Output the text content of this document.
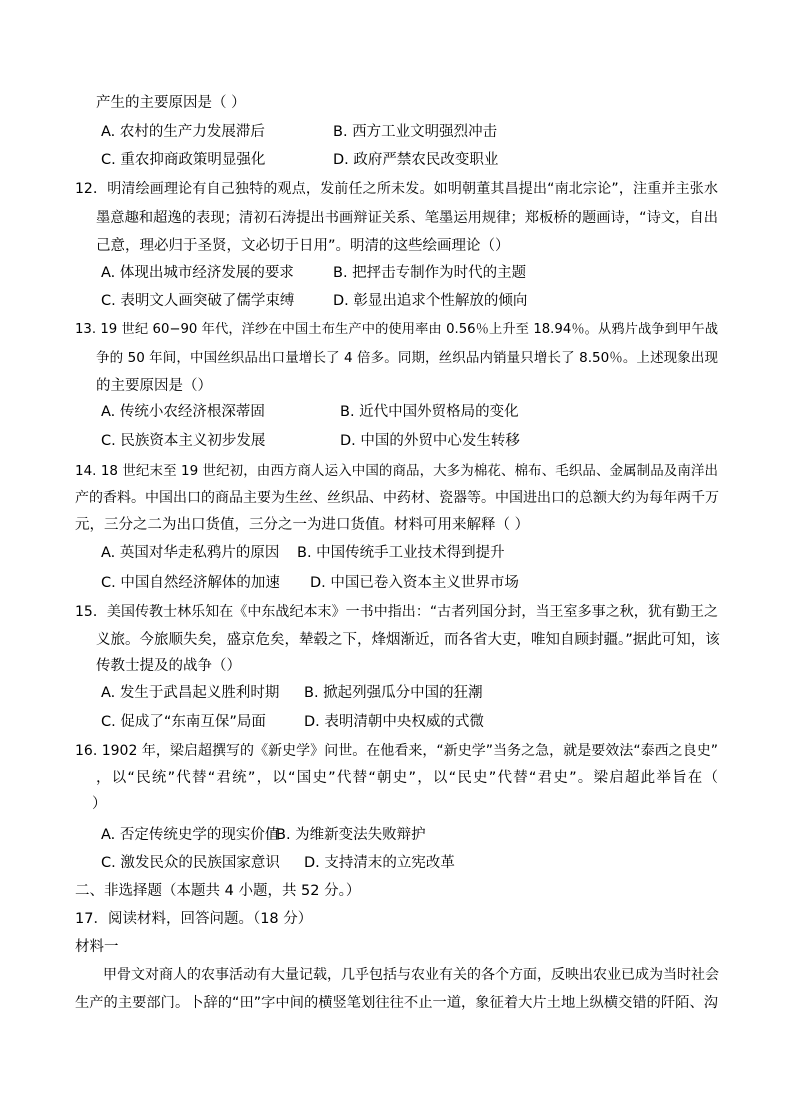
产生的主要原因是（ ）
A. 农村的生产力发展滞后	B. 西方工业文明强烈冲击
C. 重农抑商政策明显强化	D. 政府严禁农民改变职业
12．明清绘画理论有自己独特的观点，发前任之所未发。如明朝董其昌提出“南北宗论”，注重并主张水
墨意趣和超逸的表现；清初石涛提出书画辩证关系、笔墨运用规律；郑板桥的题画诗，“诗文，自出
己意，理必归于圣贤，文必切于日用”。明清的这些绘画理论（）
A. 体现出城市经济发展的要求	B. 把抨击专制作为时代的主题
C. 表明文人画突破了儒学束缚	D. 彰显出追求个性解放的倾向
13. 19 世纪 60−90 年代，洋纱在中国土布生产中的使用率由 0.56％上升至 18.94％。从鸦片战争到甲午战
争的 50 年间，中国丝织品出口量增长了 4 倍多。同期，丝织品内销量只增长了 8.50％。上述现象出现
的主要原因是（）
A. 传统小农经济根深蒂固	B. 近代中国外贸格局的变化
C. 民族资本主义初步发展	D. 中国的外贸中心发生转移
14. 18 世纪末至 19 世纪初，由西方商人运入中国的商品，大多为棉花、棉布、毛织品、金属制品及南洋出
产的香料。中国出口的商品主要为生丝、丝织品、中药材、瓷器等。中国进出口的总额大约为每年两千万
元，三分之二为出口货值，三分之一为进口货值。材料可用来解释（ ）
A. 英国对华走私鸦片的原因 B. 中国传统手工业技术得到提升
C. 中国自然经济解体的加速 D. 中国已卷入资本主义世界市场
15．美国传教士林乐知在《中东战纪本末》一书中指出：“古者列国分封，当王室多事之秋，犹有勤王之
义旅。今旅顺失矣，盛京危矣，辇毂之下，烽烟渐近，而各省大吏，唯知自顾封疆。”据此可知，该
传教士提及的战争（）
A. 发生于武昌起义胜利时期 B. 掀起列强瓜分中国的狂潮
C. 促成了“东南互保”局面	D. 表明清朝中央权威的式微
16. 1902 年，梁启超撰写的《新史学》问世。在他看来，“新史学”当务之急，就是要效法“泰西之良史”
，以“民统”代替“君统”，以“国史”代替“朝史”，以“民史”代替“君史”。梁启超此举旨在（
）
A. 否定传统史学的现实价值
B. 为维新变法失败辩护
C. 激发民众的民族国家意识 D. 支持清末的立宪改革
二、非选择题（本题共 4 小题，共 52 分。）
17．阅读材料，回答问题。（18 分）
材料一
甲骨文对商人的农事活动有大量记载，几乎包括与农业有关的各个方面，反映出农业已成为当时社会
生产的主要部门。卜辞的“田”字中间的横竖笔划往往不止一道，象征着大片土地上纵横交错的阡陌、沟
